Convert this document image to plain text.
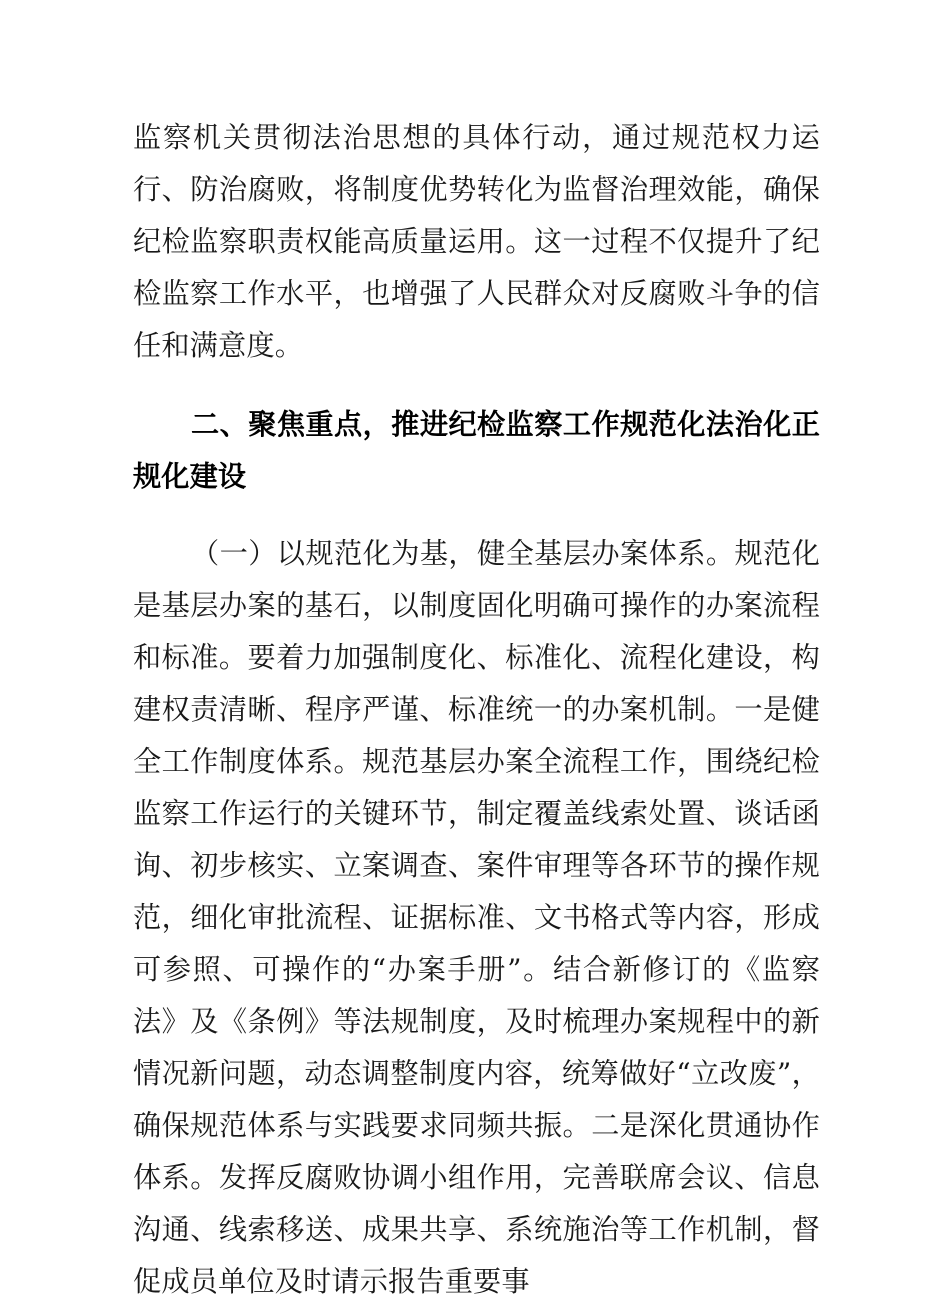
监察机关贯彻法治思想的具体行动，通过规范权力运行、防治腐败，将制度优势转化为监督治理效能，确保纪检监察职责权能高质量运用。这一过程不仅提升了纪检监察工作水平，也增强了人民群众对反腐败斗争的信任和满意度。

二、聚焦重点，推进纪检监察工作规范化法治化正规化建设

（一）以规范化为基，健全基层办案体系。规范化是基层办案的基石，以制度固化明确可操作的办案流程和标准。要着力加强制度化、标准化、流程化建设，构建权责清晰、程序严谨、标准统一的办案机制。一是健全工作制度体系。规范基层办案全流程工作，围绕纪检监察工作运行的关键环节，制定覆盖线索处置、谈话函询、初步核实、立案调查、案件审理等各环节的操作规范，细化审批流程、证据标准、文书格式等内容，形成可参照、可操作的“办案手册”。结合新修订的《监察法》及《条例》等法规制度，及时梳理办案规程中的新情况新问题，动态调整制度内容，统筹做好“立改废”，确保规范体系与实践要求同频共振。二是深化贯通协作体系。发挥反腐败协调小组作用，完善联席会议、信息沟通、线索移送、成果共享、系统施治等工作机制，督促成员单位及时请示报告重要事
